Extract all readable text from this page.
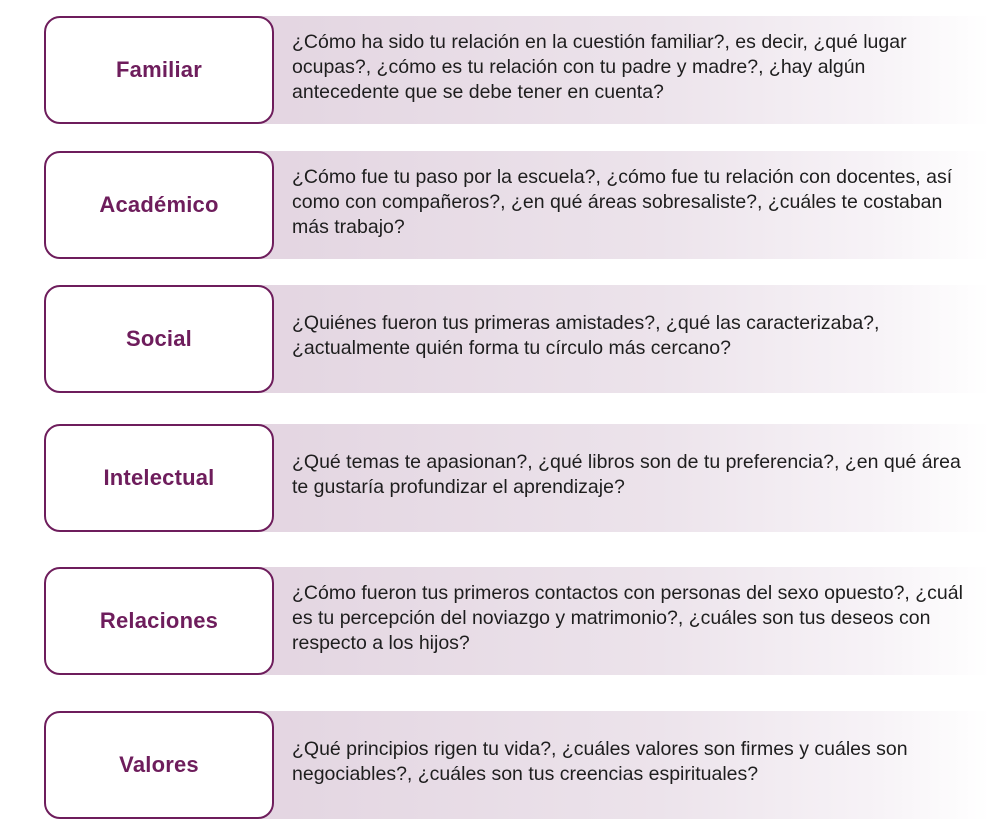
Familiar
¿Cómo ha sido tu relación en la cuestión familiar?, es decir, ¿qué lugar ocupas?, ¿cómo es tu relación con tu padre y madre?, ¿hay algún antecedente que se debe tener en cuenta?
Académico
¿Cómo fue tu paso por la escuela?, ¿cómo fue tu relación con docentes, así como con compañeros?, ¿en qué áreas sobresaliste?, ¿cuáles te costaban más trabajo?
Social
¿Quiénes fueron tus primeras amistades?, ¿qué las caracterizaba?, ¿actualmente quién forma tu círculo más cercano?
Intelectual
¿Qué temas te apasionan?, ¿qué libros son de tu preferencia?, ¿en qué área te gustaría profundizar el aprendizaje?
Relaciones
¿Cómo fueron tus primeros contactos con personas del sexo opuesto?, ¿cuál es tu percepción del noviazgo y matrimonio?, ¿cuáles son tus deseos con respecto a los hijos?
Valores
¿Qué principios rigen tu vida?, ¿cuáles valores son firmes y cuáles son negociables?, ¿cuáles son tus creencias espirituales?
